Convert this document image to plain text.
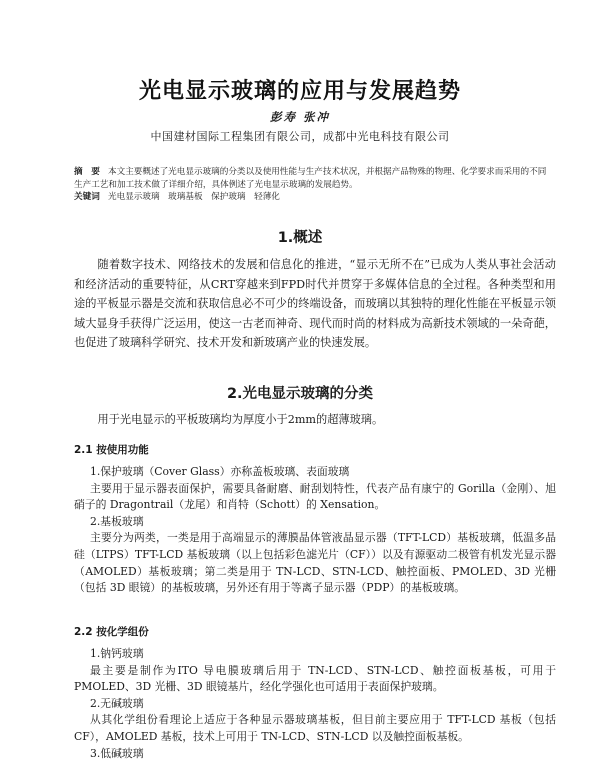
光电显示玻璃的应用与发展趋势
彭寿 张冲
中国建材国际工程集团有限公司，成都中光电科技有限公司
摘　要 本文主要概述了光电显示玻璃的分类以及使用性能与生产技术状况，并根据产品物殊的物理、化学要求而采用的不同生产工艺和加工技术做了详细介绍，具体例述了光电显示玻璃的发展趋势。
关键词 光电显示玻璃　玻璃基板　保护玻璃　轻薄化
1.概述
随着数字技术、网络技术的发展和信息化的推进，“显示无所不在”已成为人类从事社会活动和经济活动的重要特征，从CRT穿越来到FPD时代并贯穿于多媒体信息的全过程。各种类型和用途的平板显示器是交流和获取信息必不可少的终端设备，而玻璃以其独特的理化性能在平板显示领域大显身手获得广泛运用，使这一古老而神奇、现代而时尚的材料成为高新技术领域的一朵奇葩，也促进了玻璃科学研究、技术开发和新玻璃产业的快速发展。
2.光电显示玻璃的分类
用于光电显示的平板玻璃均为厚度小于2mm的超薄玻璃。
2.1 按使用功能
1.保护玻璃（Cover Glass）亦称盖板玻璃、表面玻璃
主要用于显示器表面保护，需要具备耐磨、耐刮划特性，代表产品有康宁的 Gorilla（金刚）、旭硝子的 Dragontrail（龙尾）和肖特（Schott）的 Xensation。
2.基板玻璃
主要分为两类，一类是用于高端显示的薄膜晶体管液晶显示器（TFT-LCD）基板玻璃，低温多晶硅（LTPS）TFT-LCD 基板玻璃（以上包括彩色滤光片（CF））以及有源驱动二极管有机发光显示器（AMOLED）基板玻璃；第二类是用于 TN-LCD、STN-LCD、触控面板、PMOLED、3D 光栅（包括 3D 眼镜）的基板玻璃，另外还有用于等离子显示器（PDP）的基板玻璃。
2.2 按化学组份
1.钠钙玻璃
最主要是制作为ITO 导电膜玻璃后用于 TN-LCD、STN-LCD、触控面板基板，可用于PMOLED、3D 光栅、3D 眼镜基片，经化学强化也可适用于表面保护玻璃。
2.无碱玻璃
从其化学组份看理论上适应于各种显示器玻璃基板，但目前主要应用于 TFT-LCD 基板（包括 CF），AMOLED 基板，技术上可用于 TN-LCD、STN-LCD 以及触控面板基板。
3.低碱玻璃
